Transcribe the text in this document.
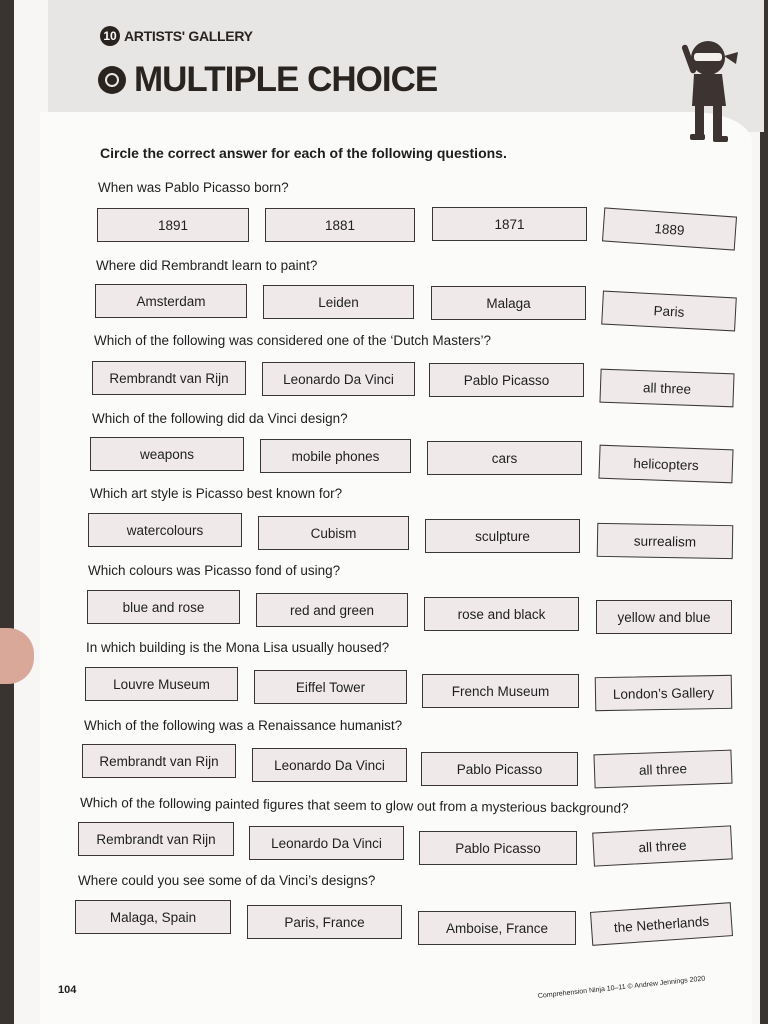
10 ARTISTS' GALLERY
MULTIPLE CHOICE
Circle the correct answer for each of the following questions.
When was Pablo Picasso born?
1891	1881	1871	1889
Where did Rembrandt learn to paint?
Amsterdam	Leiden	Malaga	Paris
Which of the following was considered one of the ‘Dutch Masters’?
Rembrandt van Rijn	Leonardo Da Vinci	Pablo Picasso	all three
Which of the following did da Vinci design?
weapons	mobile phones	cars	helicopters
Which art style is Picasso best known for?
watercolours	Cubism	sculpture	surrealism
Which colours was Picasso fond of using?
blue and rose	red and green	rose and black	yellow and blue
In which building is the Mona Lisa usually housed?
Louvre Museum	Eiffel Tower	French Museum	London’s Gallery
Which of the following was a Renaissance humanist?
Rembrandt van Rijn	Leonardo Da Vinci	Pablo Picasso	all three
Which of the following painted figures that seem to glow out from a mysterious background?
Rembrandt van Rijn	Leonardo Da Vinci	Pablo Picasso	all three
Where could you see some of da Vinci’s designs?
Malaga, Spain	Paris, France	Amboise, France	the Netherlands
104	Comprehension Ninja 10–11 © Andrew Jennings 2020
